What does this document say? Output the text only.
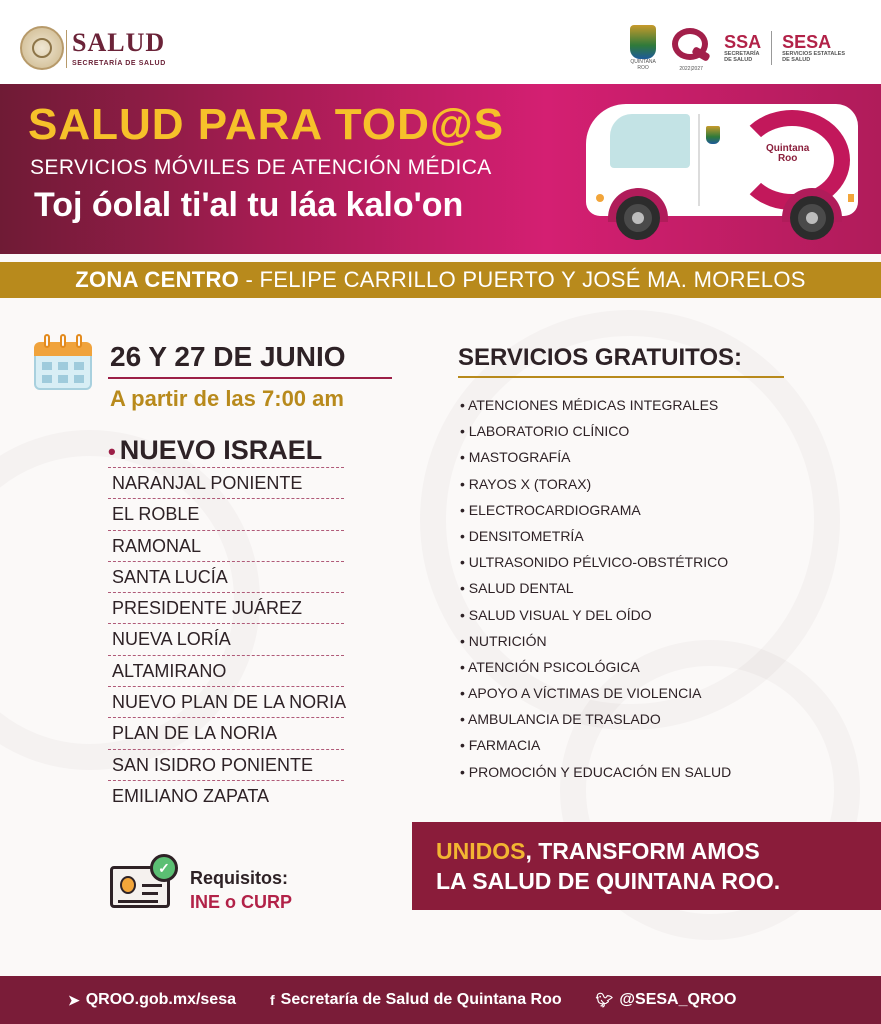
SALUD
SECRETARÍA DE SALUD	QUINTANA ROO	2022|2027
SSA
SECRETARÍA
DE SALUD
SESA
SERVICIOS ESTATALES
DE SALUD
SALUD PARA TOD@S
SERVICIOS MÓVILES DE ATENCIÓN MÉDICA
Toj óolal ti'al tu láa kalo'on
Quintana
Roo
ZONA CENTRO - FELIPE CARRILLO PUERTO Y JOSÉ MA. MORELOS
26 Y 27 DE JUNIO
A partir de las 7:00 am
• NUEVO ISRAEL
NARANJAL PONIENTE
EL ROBLE
RAMONAL
SANTA LUCÍA
PRESIDENTE JUÁREZ
NUEVA LORÍA
ALTAMIRANO
NUEVO PLAN DE LA NORIA
PLAN DE LA NORIA
SAN ISIDRO PONIENTE
EMILIANO ZAPATA
✓	Requisitos:
INE o CURP
SERVICIOS GRATUITOS:
• ATENCIONES MÉDICAS INTEGRALES
• LABORATORIO CLÍNICO
• MASTOGRAFÍA
• RAYOS X (TORAX)
• ELECTROCARDIOGRAMA
• DENSITOMETRÍA
• ULTRASONIDO PÉLVICO-OBSTÉTRICO
• SALUD DENTAL
• SALUD VISUAL Y DEL OÍDO
• NUTRICIÓN
• ATENCIÓN PSICOLÓGICA
• APOYO A VÍCTIMAS DE VIOLENCIA
• AMBULANCIA DE TRASLADO
• FARMACIA
• PROMOCIÓN Y EDUCACIÓN EN SALUD
UNIDOS, TRANSFORM AMOS
LA SALUD DE QUINTANA ROO.
➤ QROO.gob.mx/sesa f Secretaría de Salud de Quintana Roo 🐦︎ @SESA_QROO
